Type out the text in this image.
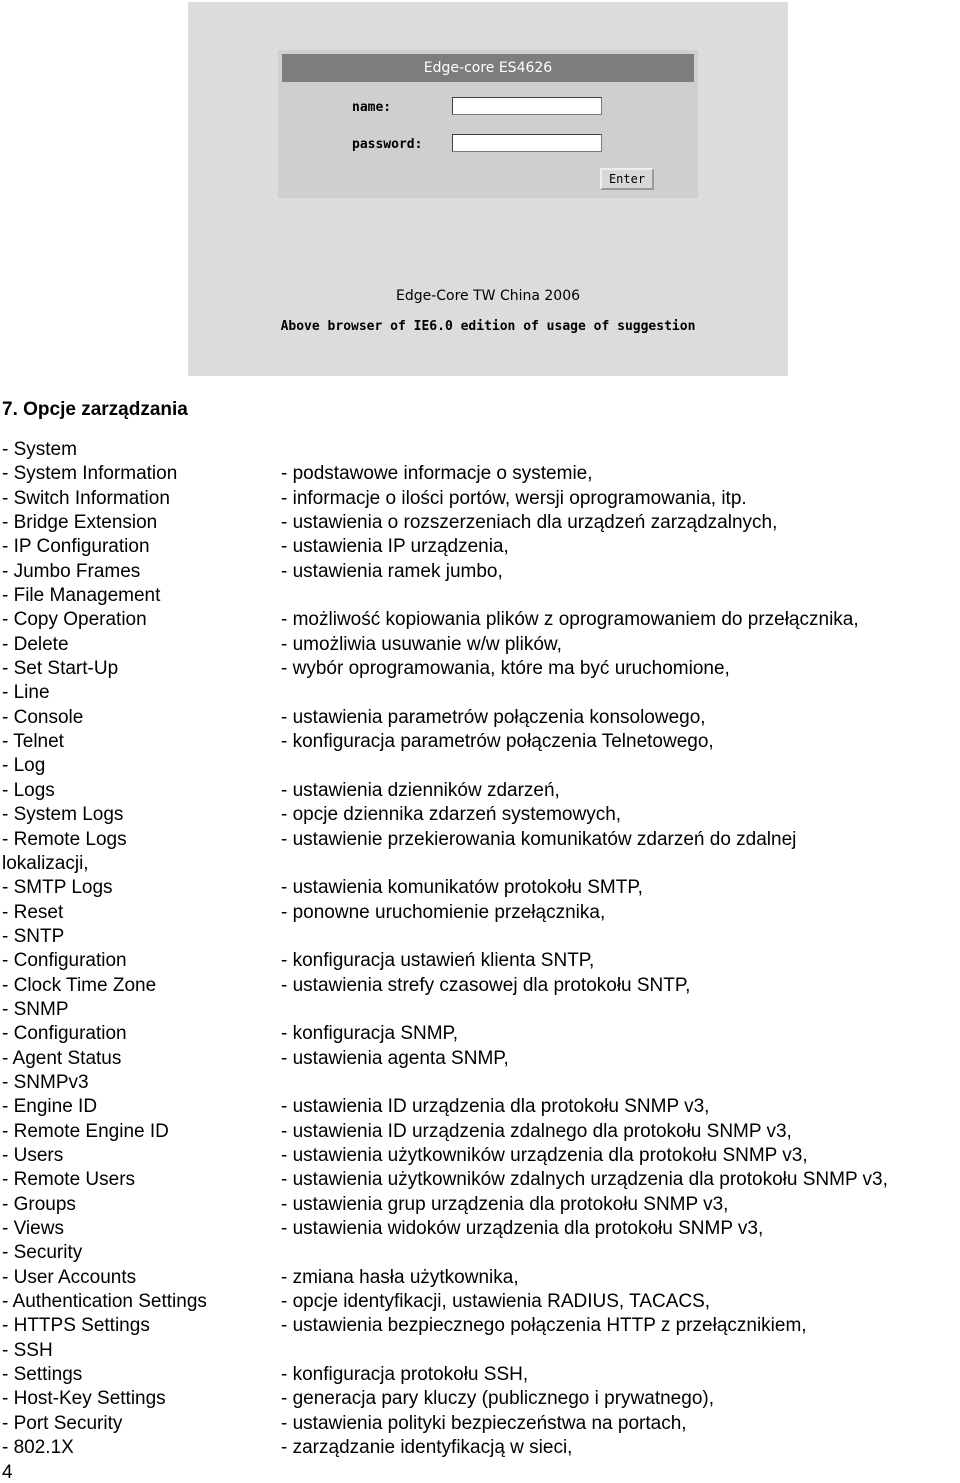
Edge-core ES4626
name:
password:
Enter
Edge-Core TW China 2006
Above browser of IE6.0 edition of usage of suggestion
7. Opcje zarządzania
- System
- System Information	- podstawowe informacje o systemie,
- Switch Information	- informacje o ilości portów, wersji oprogramowania, itp.
- Bridge Extension	- ustawienia o rozszerzeniach dla urządzeń zarządzalnych,
- IP Configuration	- ustawienia IP urządzenia,
- Jumbo Frames	- ustawienia ramek jumbo,
- File Management
- Copy Operation	- możliwość kopiowania plików z oprogramowaniem do przełącznika,
- Delete	- umożliwia usuwanie w/w plików,
- Set Start-Up	- wybór oprogramowania, które ma być uruchomione,
- Line
- Console	- ustawienia parametrów połączenia konsolowego,
- Telnet	- konfiguracja parametrów połączenia Telnetowego,
- Log
- Logs	- ustawienia dzienników zdarzeń,
- System Logs	- opcje dziennika zdarzeń systemowych,
- Remote Logs	- ustawienie przekierowania komunikatów zdarzeń do zdalnej
lokalizacji,
- SMTP Logs	- ustawienia komunikatów protokołu SMTP,
- Reset	- ponowne uruchomienie przełącznika,
- SNTP
- Configuration	- konfiguracja ustawień klienta SNTP,
- Clock Time Zone	- ustawienia strefy czasowej dla protokołu SNTP,
- SNMP
- Configuration	- konfiguracja SNMP,
- Agent Status	- ustawienia agenta SNMP,
- SNMPv3
- Engine ID	- ustawienia ID urządzenia dla protokołu SNMP v3,
- Remote Engine ID	- ustawienia ID urządzenia zdalnego dla protokołu SNMP v3,
- Users	- ustawienia użytkowników urządzenia dla protokołu SNMP v3,
- Remote Users	- ustawienia użytkowników zdalnych urządzenia dla protokołu SNMP v3,
- Groups	- ustawienia grup urządzenia dla protokołu SNMP v3,
- Views	- ustawienia widoków urządzenia dla protokołu SNMP v3,
- Security
- User Accounts	- zmiana hasła użytkownika,
- Authentication Settings	- opcje identyfikacji, ustawienia RADIUS, TACACS,
- HTTPS Settings	- ustawienia bezpiecznego połączenia HTTP z przełącznikiem,
- SSH
- Settings	- konfiguracja protokołu SSH,
- Host-Key Settings	- generacja pary kluczy (publicznego i prywatnego),
- Port Security	- ustawienia polityki bezpieczeństwa na portach,
- 802.1X	- zarządzanie identyfikacją w sieci,
4
